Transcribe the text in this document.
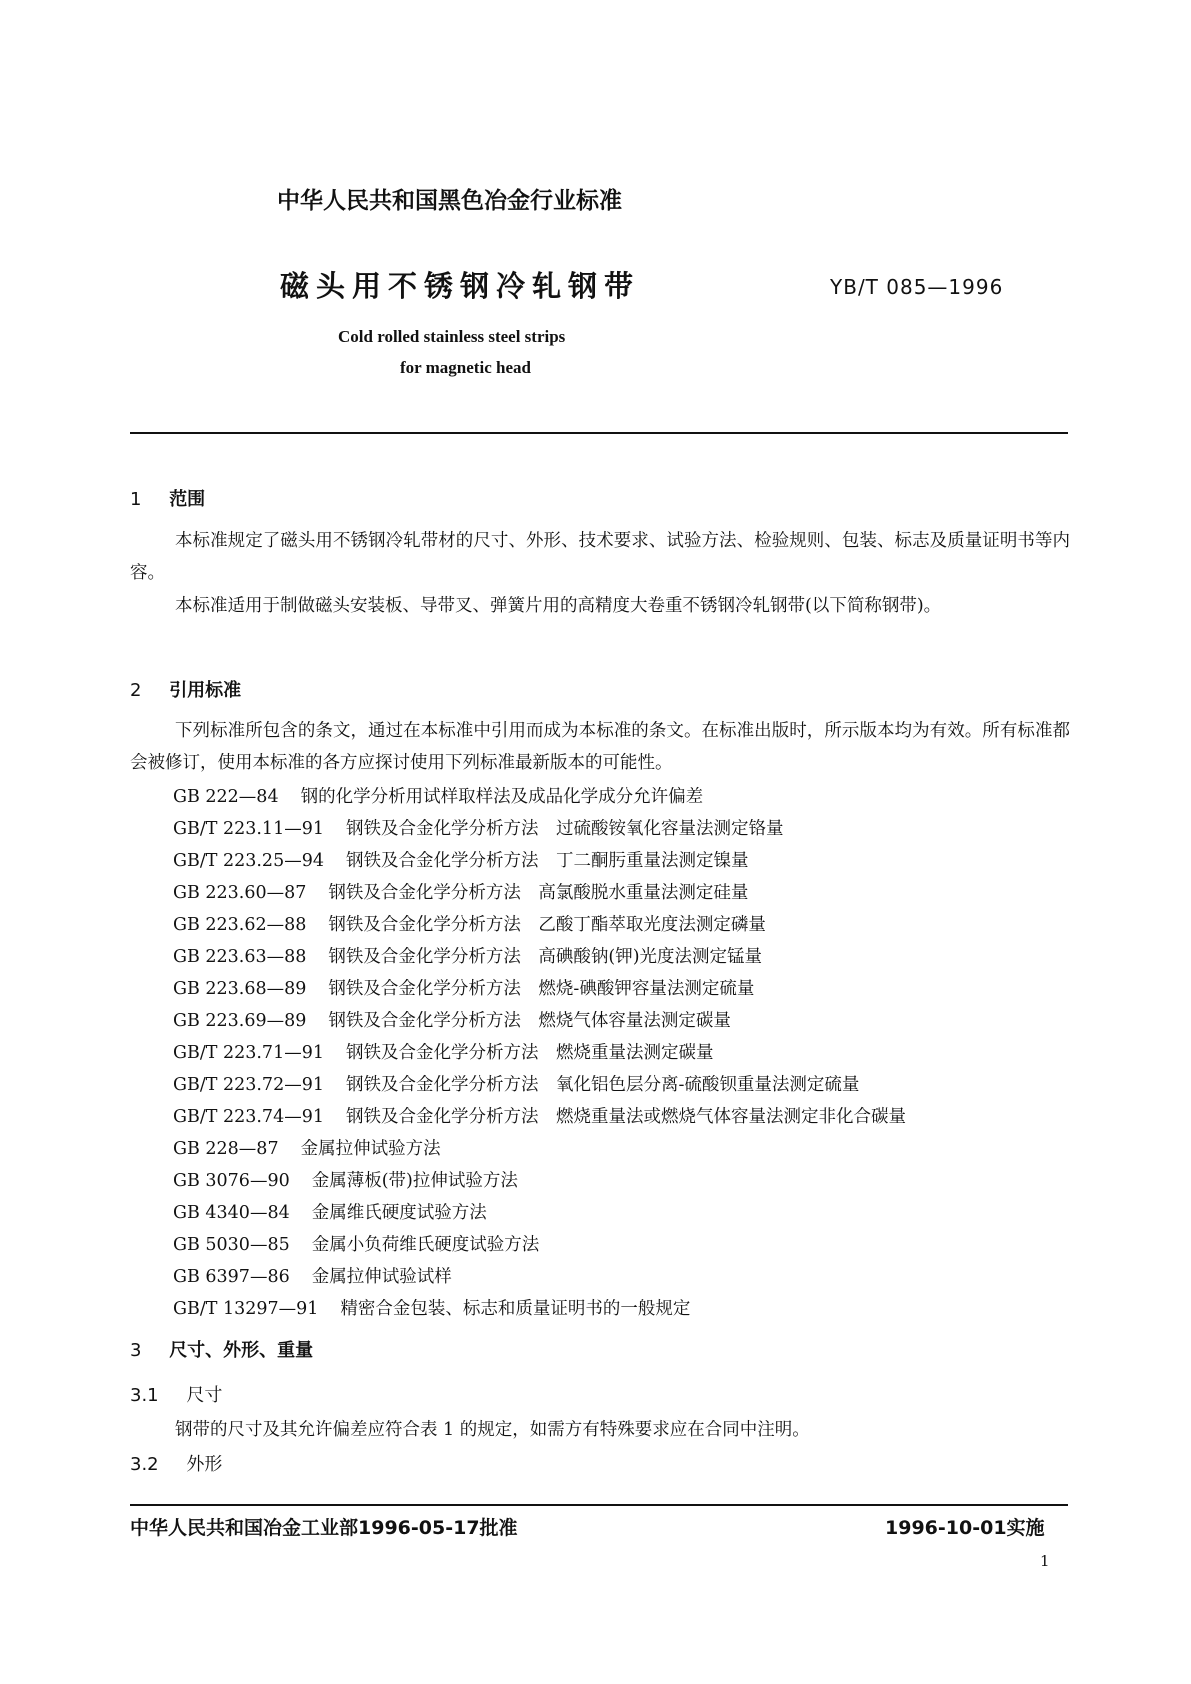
中华人民共和国黑色冶金行业标准
磁头用不锈钢冷轧钢带	YB/T 085—1996
Cold rolled stainless steel strips
for magnetic head
1 范围
本标准规定了磁头用不锈钢冷轧带材的尺寸、外形、技术要求、试验方法、检验规则、包装、标志及质量证明书等内容。
本标准适用于制做磁头安装板、导带叉、弹簧片用的高精度大卷重不锈钢冷轧钢带(以下简称钢带)。
2 引用标准
下列标准所包含的条文，通过在本标准中引用而成为本标准的条文。在标准出版时，所示版本均为有效。所有标准都会被修订，使用本标准的各方应探讨使用下列标准最新版本的可能性。
GB 222—84 钢的化学分析用试样取样法及成品化学成分允许偏差
GB/T 223.11—91 钢铁及合金化学分析方法　过硫酸铵氧化容量法测定铬量
GB/T 223.25—94 钢铁及合金化学分析方法　丁二酮肟重量法测定镍量
GB 223.60—87 钢铁及合金化学分析方法　高氯酸脱水重量法测定硅量
GB 223.62—88 钢铁及合金化学分析方法　乙酸丁酯萃取光度法测定磷量
GB 223.63—88 钢铁及合金化学分析方法　高碘酸钠(钾)光度法测定锰量
GB 223.68—89 钢铁及合金化学分析方法　燃烧-碘酸钾容量法测定硫量
GB 223.69—89 钢铁及合金化学分析方法　燃烧气体容量法测定碳量
GB/T 223.71—91 钢铁及合金化学分析方法　燃烧重量法测定碳量
GB/T 223.72—91 钢铁及合金化学分析方法　氧化铝色层分离-硫酸钡重量法测定硫量
GB/T 223.74—91 钢铁及合金化学分析方法　燃烧重量法或燃烧气体容量法测定非化合碳量
GB 228—87 金属拉伸试验方法
GB 3076—90 金属薄板(带)拉伸试验方法
GB 4340—84 金属维氏硬度试验方法
GB 5030—85 金属小负荷维氏硬度试验方法
GB 6397—86 金属拉伸试验试样
GB/T 13297—91 精密合金包装、标志和质量证明书的一般规定
3 尺寸、外形、重量
3.1 尺寸
钢带的尺寸及其允许偏差应符合表 1 的规定，如需方有特殊要求应在合同中注明。
3.2 外形
中华人民共和国冶金工业部1996-05-17批准	1996-10-01实施
1
